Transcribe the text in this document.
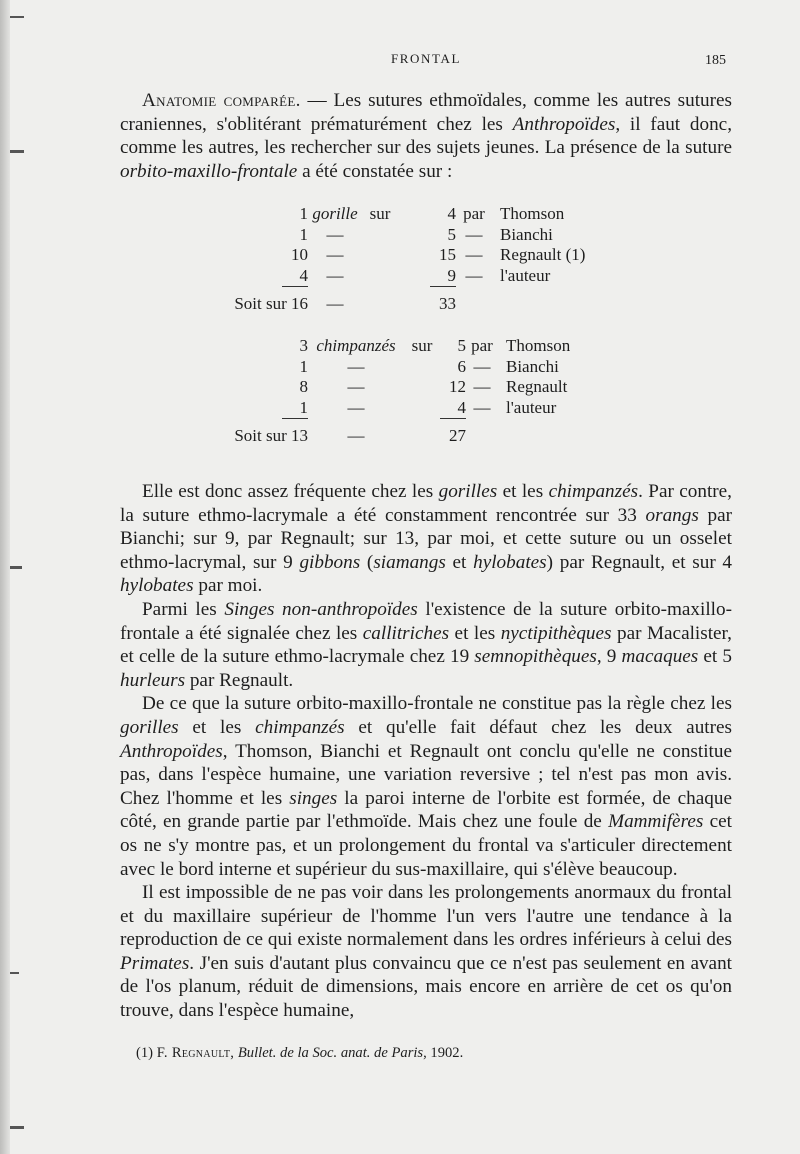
FRONTAL	185

Anatomie comparée. — Les sutures ethmoïdales, comme les autres sutures craniennes, s'oblitérant prématurément chez les Anthropoïdes, il faut donc, comme les autres, les rechercher sur des sujets jeunes. La présence de la suture orbito-maxillo-frontale a été constatée sur :

1	gorille	sur	4	par	Thomson
1	—		5	—	Bianchi
10	—		15	—	Regnault (1)
4	—		9	—	l'auteur

Soit sur 16	—		33		
3	chimpanzés	sur	5	par	Thomson
1	—		6	—	Bianchi
8	—		12	—	Regnault
1	—		4	—	l'auteur

Soit sur 13	—		27		

Elle est donc assez fréquente chez les gorilles et les chimpanzés. Par contre, la suture ethmo-lacrymale a été constamment rencontrée sur 33 orangs par Bianchi; sur 9, par Regnault; sur 13, par moi, et cette suture ou un osselet ethmo-lacrymal, sur 9 gibbons (siamangs et hylobates) par Regnault, et sur 4 hylobates par moi.

Parmi les Singes non-anthropoïdes l'existence de la suture orbito-maxillo-frontale a été signalée chez les callitriches et les nyctipithèques par Macalister, et celle de la suture ethmo-lacrymale chez 19 semnopithèques, 9 macaques et 5 hurleurs par Regnault.

De ce que la suture orbito-maxillo-frontale ne constitue pas la règle chez les gorilles et les chimpanzés et qu'elle fait défaut chez les deux autres Anthropoïdes, Thomson, Bianchi et Regnault ont conclu qu'elle ne constitue pas, dans l'espèce humaine, une variation reversive ; tel n'est pas mon avis. Chez l'homme et les singes la paroi interne de l'orbite est formée, de chaque côté, en grande partie par l'ethmoïde. Mais chez une foule de Mammifères cet os ne s'y montre pas, et un prolongement du frontal va s'articuler directement avec le bord interne et supérieur du sus-maxillaire, qui s'élève beaucoup.

Il est impossible de ne pas voir dans les prolongements anormaux du frontal et du maxillaire supérieur de l'homme l'un vers l'autre une tendance à la reproduction de ce qui existe normalement dans les ordres inférieurs à celui des Primates. J'en suis d'autant plus convaincu que ce n'est pas seulement en avant de l'os planum, réduit de dimensions, mais encore en arrière de cet os qu'on trouve, dans l'espèce humaine,

(1) F. Regnault, Bullet. de la Soc. anat. de Paris, 1902.
